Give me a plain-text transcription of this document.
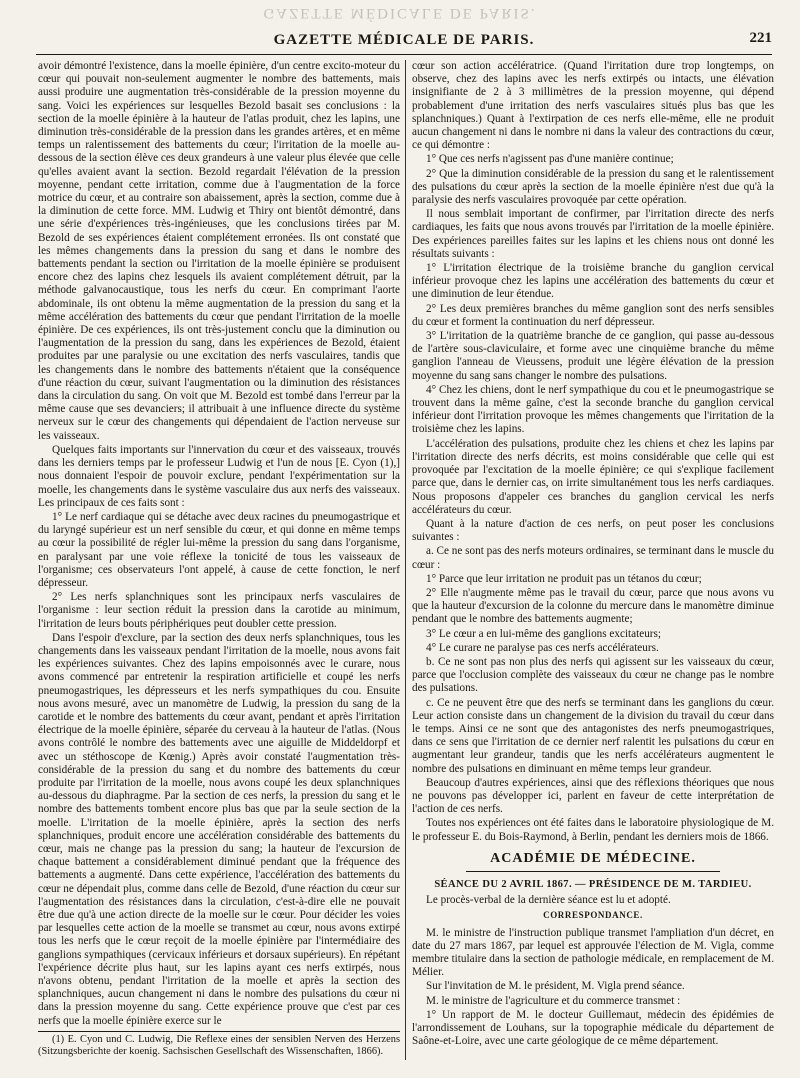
GAZETTE MÉDICALE DE PARIS.
GAZETTE MÉDICALE DE PARIS.	221

avoir démontré l'existence, dans la moelle épinière, d'un centre excito-moteur du cœur qui pouvait non-seulement augmenter le nombre des battements, mais aussi produire une augmentation très-considérable de la pression moyenne du sang. Voici les expériences sur lesquelles Bezold basait ses conclusions : la section de la moelle épinière à la hauteur de l'atlas produit, chez les lapins, une diminution très-considérable de la pression dans les grandes artères, et en même temps un ralentissement des battements du cœur; l'irritation de la moelle au-dessous de la section élève ces deux grandeurs à une valeur plus élevée que celle qu'elles avaient avant la section. Bezold regardait l'élévation de la pression moyenne, pendant cette irritation, comme due à l'augmentation de la force motrice du cœur, et au contraire son abaissement, après la section, comme due à la diminution de cette force. MM. Ludwig et Thiry ont bientôt démontré, dans une série d'expériences très-ingénieuses, que les conclusions tirées par M. Bezold de ses expériences étaient complétement erronées. Ils ont constaté que les mêmes changements dans la pression du sang et dans le nombre des battements pendant la section ou l'irritation de la moelle épinière se produisent encore chez des lapins chez lesquels ils avaient complétement détruit, par la méthode galvanocaustique, tous les nerfs du cœur. En comprimant l'aorte abdominale, ils ont obtenu la même augmentation de la pression du sang et la même accélération des battements du cœur que pendant l'irritation de la moelle épinière. De ces expériences, ils ont très-justement conclu que la diminution ou l'augmentation de la pression du sang, dans les expériences de Bezold, étaient produites par une paralysie ou une excitation des nerfs vasculaires, tandis que les changements dans le nombre des battements n'étaient que la conséquence d'une réaction du cœur, suivant l'augmentation ou la diminution des résistances dans la circulation du sang. On voit que M. Bezold est tombé dans l'erreur par la même cause que ses devanciers; il attribuait à une influence directe du système nerveux sur le cœur des changements qui dépendaient de l'action nerveuse sur les vaisseaux.

Quelques faits importants sur l'innervation du cœur et des vaisseaux, trouvés dans les derniers temps par le professeur Ludwig et l'un de nous [E. Cyon (1),] nous donnaient l'espoir de pouvoir exclure, pendant l'expérimentation sur la moelle, les changements dans le système vasculaire dus aux nerfs des vaisseaux. Les principaux de ces faits sont :

1° Le nerf cardiaque qui se détache avec deux racines du pneumogastrique et du laryngé supérieur est un nerf sensible du cœur, et qui donne en même temps au cœur la possibilité de régler lui-même la pression du sang dans l'organisme, en paralysant par une voie réflexe la tonicité de tous les vaisseaux de l'organisme; ces observateurs l'ont appelé, à cause de cette fonction, le nerf dépresseur.

2° Les nerfs splanchniques sont les principaux nerfs vasculaires de l'organisme : leur section réduit la pression dans la carotide au minimum, l'irritation de leurs bouts périphériques peut doubler cette pression.

Dans l'espoir d'exclure, par la section des deux nerfs splanchniques, tous les changements dans les vaisseaux pendant l'irritation de la moelle, nous avons fait les expériences suivantes. Chez des lapins empoisonnés avec le curare, nous avons commencé par entretenir la respiration artificielle et coupé les nerfs pneumogastriques, les dépresseurs et les nerfs sympathiques du cou. Ensuite nous avons mesuré, avec un manomètre de Ludwig, la pression du sang de la carotide et le nombre des battements du cœur avant, pendant et après l'irritation électrique de la moelle épinière, séparée du cerveau à la hauteur de l'atlas. (Nous avons contrôlé le nombre des battements avec une aiguille de Middeldorpf et avec un stéthoscope de Kœnig.) Après avoir constaté l'augmentation très-considérable de la pression du sang et du nombre des battements du cœur produite par l'irritation de la moelle, nous avons coupé les deux splanchniques au-dessous du diaphragme. Par la section de ces nerfs, la pression du sang et le nombre des battements tombent encore plus bas que par la seule section de la moelle. L'irritation de la moelle épinière, après la section des nerfs splanchniques, produit encore une accélération considérable des battements du cœur, mais ne change pas la pression du sang; la hauteur de l'excursion de chaque battement a considérablement diminué pendant que la fréquence des battements a augmenté. Dans cette expérience, l'accélération des battements du cœur ne dépendait plus, comme dans celle de Bezold, d'une réaction du cœur sur l'augmentation des résistances dans la circulation, c'est-à-dire elle ne pouvait être due qu'à une action directe de la moelle sur le cœur. Pour décider les voies par lesquelles cette action de la moelle se transmet au cœur, nous avons extirpé tous les nerfs que le cœur reçoit de la moelle épinière par l'intermédiaire des ganglions sympathiques (cervicaux inférieurs et dorsaux supérieurs). En répétant l'expérience décrite plus haut, sur les lapins ayant ces nerfs extirpés, nous n'avons obtenu, pendant l'irritation de la moelle et après la section des splanchniques, aucun changement ni dans le nombre des pulsations du cœur ni dans la pression moyenne du sang. Cette expérience prouve que c'est par ces nerfs que la moelle épinière exerce sur le

(1) E. Cyon und C. Ludwig, Die Reflexe eines der sensiblen Nerven des Herzens (Sitzungsberichte der koenig. Sachsischen Gesellschaft des Wissenschaften, 1866).

cœur son action accélératrice. (Quand l'irritation dure trop longtemps, on observe, chez des lapins avec les nerfs extirpés ou intacts, une élévation insignifiante de 2 à 3 millimètres de la pression moyenne, qui dépend probablement d'une irritation des nerfs vasculaires situés plus bas que les splanchniques.) Quant à l'extirpation de ces nerfs elle-même, elle ne produit aucun changement ni dans le nombre ni dans la valeur des contractions du cœur, ce qui démontre :

1° Que ces nerfs n'agissent pas d'une manière continue;

2° Que la diminution considérable de la pression du sang et le ralentissement des pulsations du cœur après la section de la moelle épinière n'est due qu'à la paralysie des nerfs vasculaires provoquée par cette opération.

Il nous semblait important de confirmer, par l'irritation directe des nerfs cardiaques, les faits que nous avons trouvés par l'irritation de la moelle épinière. Des expériences pareilles faites sur les lapins et les chiens nous ont donné les résultats suivants :

1° L'irritation électrique de la troisième branche du ganglion cervical inférieur provoque chez les lapins une accélération des battements du cœur et une diminution de leur étendue.

2° Les deux premières branches du même ganglion sont des nerfs sensibles du cœur et forment la continuation du nerf dépresseur.

3° L'irritation de la quatrième branche de ce ganglion, qui passe au-dessous de l'artère sous-claviculaire, et forme avec une cinquième branche du même ganglion l'anneau de Vieussens, produit une légère élévation de la pression moyenne du sang sans changer le nombre des pulsations.

4° Chez les chiens, dont le nerf sympathique du cou et le pneumogastrique se trouvent dans la même gaîne, c'est la seconde branche du ganglion cervical inférieur dont l'irritation provoque les mêmes changements que l'irritation de la troisième chez les lapins.

L'accélération des pulsations, produite chez les chiens et chez les lapins par l'irritation directe des nerfs décrits, est moins considérable que celle qui est provoquée par l'excitation de la moelle épinière; ce qui s'explique facilement parce que, dans le dernier cas, on irrite simultanément tous les nerfs cardiaques. Nous proposons d'appeler ces branches du ganglion cervical les nerfs accélérateurs du cœur.

Quant à la nature d'action de ces nerfs, on peut poser les conclusions suivantes :

a. Ce ne sont pas des nerfs moteurs ordinaires, se terminant dans le muscle du cœur :

1° Parce que leur irritation ne produit pas un tétanos du cœur;

2° Elle n'augmente même pas le travail du cœur, parce que nous avons vu que la hauteur d'excursion de la colonne du mercure dans le manomètre diminue pendant que le nombre des battements augmente;

3° Le cœur a en lui-même des ganglions excitateurs;

4° Le curare ne paralyse pas ces nerfs accélérateurs.

b. Ce ne sont pas non plus des nerfs qui agissent sur les vaisseaux du cœur, parce que l'occlusion complète des vaisseaux du cœur ne change pas le nombre des pulsations.

c. Ce ne peuvent être que des nerfs se terminant dans les ganglions du cœur. Leur action consiste dans un changement de la division du travail du cœur dans le temps. Ainsi ce ne sont que des antagonistes des nerfs pneumogastriques, dans ce sens que l'irritation de ce dernier nerf ralentit les pulsations du cœur en augmentant leur grandeur, tandis que les nerfs accélérateurs augmentent le nombre des pulsations en diminuant en même temps leur grandeur.

Beaucoup d'autres expériences, ainsi que des réflexions théoriques que nous ne pouvons pas développer ici, parlent en faveur de cette interprétation de l'action de ces nerfs.

Toutes nos expériences ont été faites dans le laboratoire physiologique de M. le professeur E. du Bois-Raymond, à Berlin, pendant les derniers mois de 1866.

ACADÉMIE DE MÉDECINE.
SÉANCE DU 2 AVRIL 1867. — PRÉSIDENCE DE M. TARDIEU.

Le procès-verbal de la dernière séance est lu et adopté.

CORRESPONDANCE.

M. le ministre de l'instruction publique transmet l'ampliation d'un décret, en date du 27 mars 1867, par lequel est approuvée l'élection de M. Vigla, comme membre titulaire dans la section de pathologie médicale, en remplacement de M. Mélier.

Sur l'invitation de M. le président, M. Vigla prend séance.

M. le ministre de l'agriculture et du commerce transmet :

1° Un rapport de M. le docteur Guillemaut, médecin des épidémies de l'arrondissement de Louhans, sur la topographie médicale du département de Saône-et-Loire, avec une carte géologique de ce même département.
